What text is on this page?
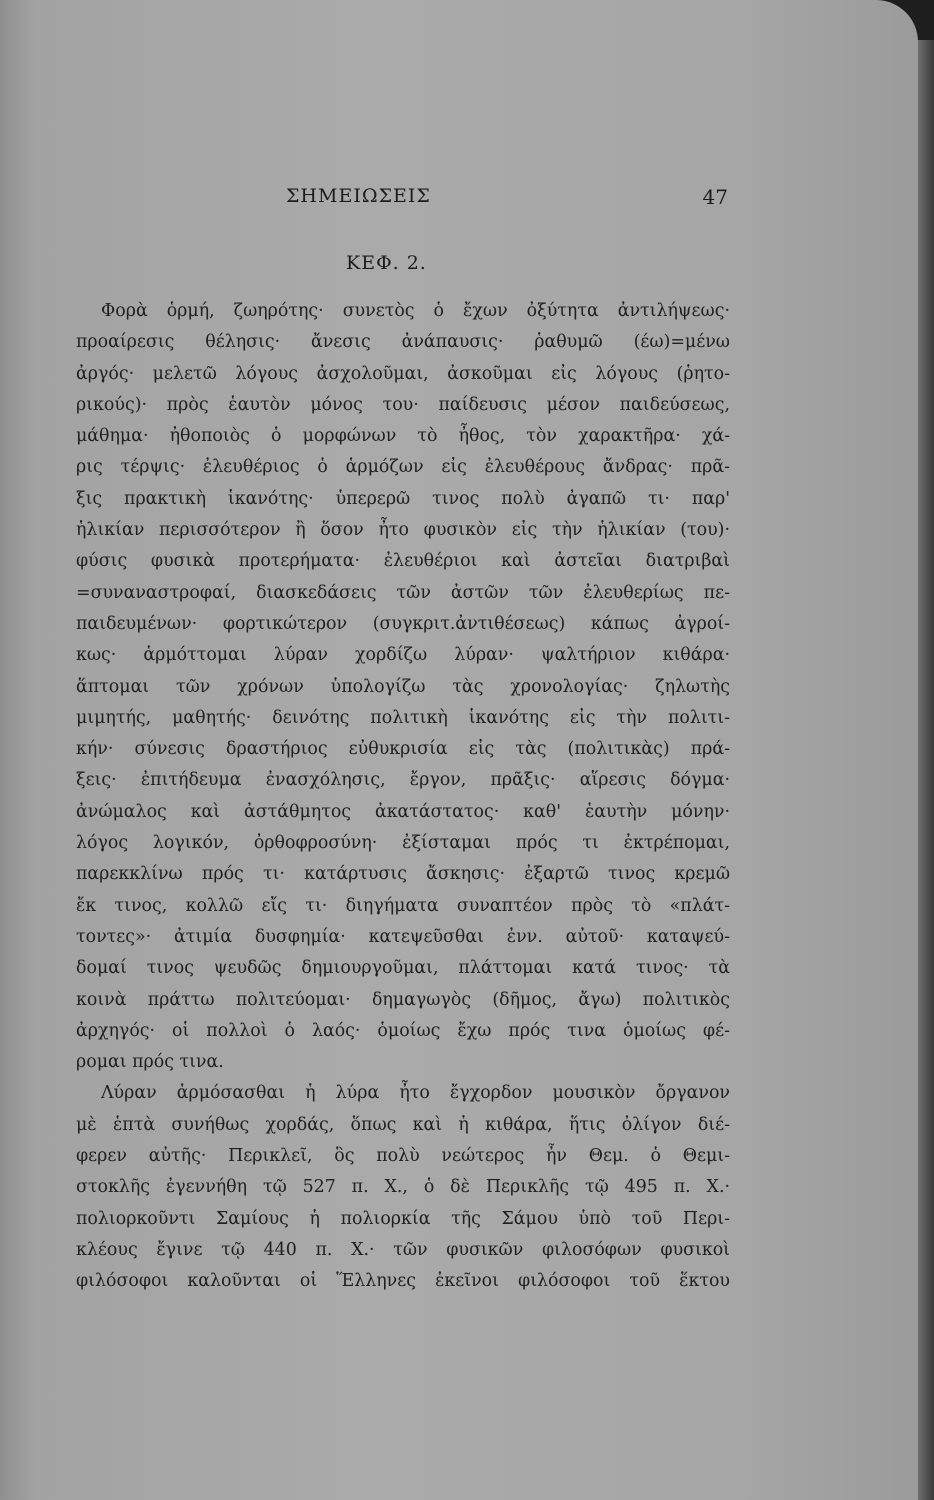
ΣΗΜΕΙΩΣΕΙΣ	47
ΚΕΦ. 2.
Φορὰ ὁρμή, ζωηρότης· συνετὸς ὁ ἔχων ὀξύτητα ἀντιλήψεως·
προαίρεσις θέλησις· ἄνεσις ἀνάπαυσις· ῥαθυμῶ (έω)=μένω
ἀργός· μελετῶ λόγους ἀσχολοῦμαι, ἀσκοῦμαι εἰς λόγους (ῥητο-
ρικούς)· πρὸς ἑαυτὸν μόνος του· παίδευσις μέσον παιδεύσεως,
μάθημα· ἠθοποιὸς ὁ μορφώνων τὸ ἦθος, τὸν χαρακτῆρα· χά-
ρις τέρψις· ἐλευθέριος ὁ ἁρμόζων εἰς ἐλευθέρους ἄνδρας· πρᾶ-
ξις πρακτικὴ ἱκανότης· ὑπερερῶ τινος πολὺ ἀγαπῶ τι· παρ'
ἡλικίαν περισσότερον ἢ ὅσον ἦτο φυσικὸν εἰς τὴν ἡλικίαν (του)·
φύσις φυσικὰ προτερήματα· ἐλευθέριοι καὶ ἀστεῖαι διατριβαὶ
=συναναστροφαί, διασκεδάσεις τῶν ἀστῶν τῶν ἐλευθερίως πε-
παιδευμένων· φορτικώτερον (συγκριτ.ἀντιθέσεως) κάπως ἀγροί-
κως· ἁρμόττομαι λύραν χορδίζω λύραν· ψαλτήριον κιθάρα·
ἅπτομαι τῶν χρόνων ὑπολογίζω τὰς χρονολογίας· ζηλωτὴς
μιμητής, μαθητής· δεινότης πολιτικὴ ἱκανότης εἰς τὴν πολιτι-
κήν· σύνεσις δραστήριος εὐθυκρισία εἰς τὰς (πολιτικὰς) πρά-
ξεις· ἐπιτήδευμα ἐνασχόλησις, ἔργον, πρᾶξις· αἵρεσις δόγμα·
ἀνώμαλος καὶ ἀστάθμητος ἀκατάστατος· καθ' ἑαυτὴν μόνην·
λόγος λογικόν, ὀρθοφροσύνη· ἐξίσταμαι πρός τι ἐκτρέπομαι,
παρεκκλίνω πρός τι· κατάρτυσις ἄσκησις· ἐξαρτῶ τινος κρεμῶ
ἔκ τινος, κολλῶ εἴς τι· διηγήματα συναπτέον πρὸς τὸ «πλάτ-
τοντες»· ἀτιμία δυσφημία· κατεψεῦσθαι ἐνν. αὐτοῦ· καταψεύ-
δομαί τινος ψευδῶς δημιουργοῦμαι, πλάττομαι κατά τινος· τὰ
κοινὰ πράττω πολιτεύομαι· δημαγωγὸς (δῆμος, ἄγω) πολιτικὸς
ἀρχηγός· οἱ πολλοὶ ὁ λαός· ὁμοίως ἔχω πρός τινα ὁμοίως φέ-
ρομαι πρός τινα.
Λύραν ἁρμόσασθαι ἡ λύρα ἦτο ἔγχορδον μουσικὸν ὄργανον
μὲ ἑπτὰ συνήθως χορδάς, ὅπως καὶ ἡ κιθάρα, ἥτις ὀλίγον διέ-
φερεν αὐτῆς· Περικλεῖ, ὃς πολὺ νεώτερος ἦν Θεμ. ὁ Θεμι-
στοκλῆς ἐγεννήθη τῷ 527 π. Χ., ὁ δὲ Περικλῆς τῷ 495 π. Χ.·
πολιορκοῦντι Σαμίους ἡ πολιορκία τῆς Σάμου ὑπὸ τοῦ Περι-
κλέους ἔγινε τῷ 440 π. Χ.· τῶν φυσικῶν φιλοσόφων φυσικοὶ
φιλόσοφοι καλοῦνται οἱ Ἕλληνες ἐκεῖνοι φιλόσοφοι τοῦ ἕκτου
